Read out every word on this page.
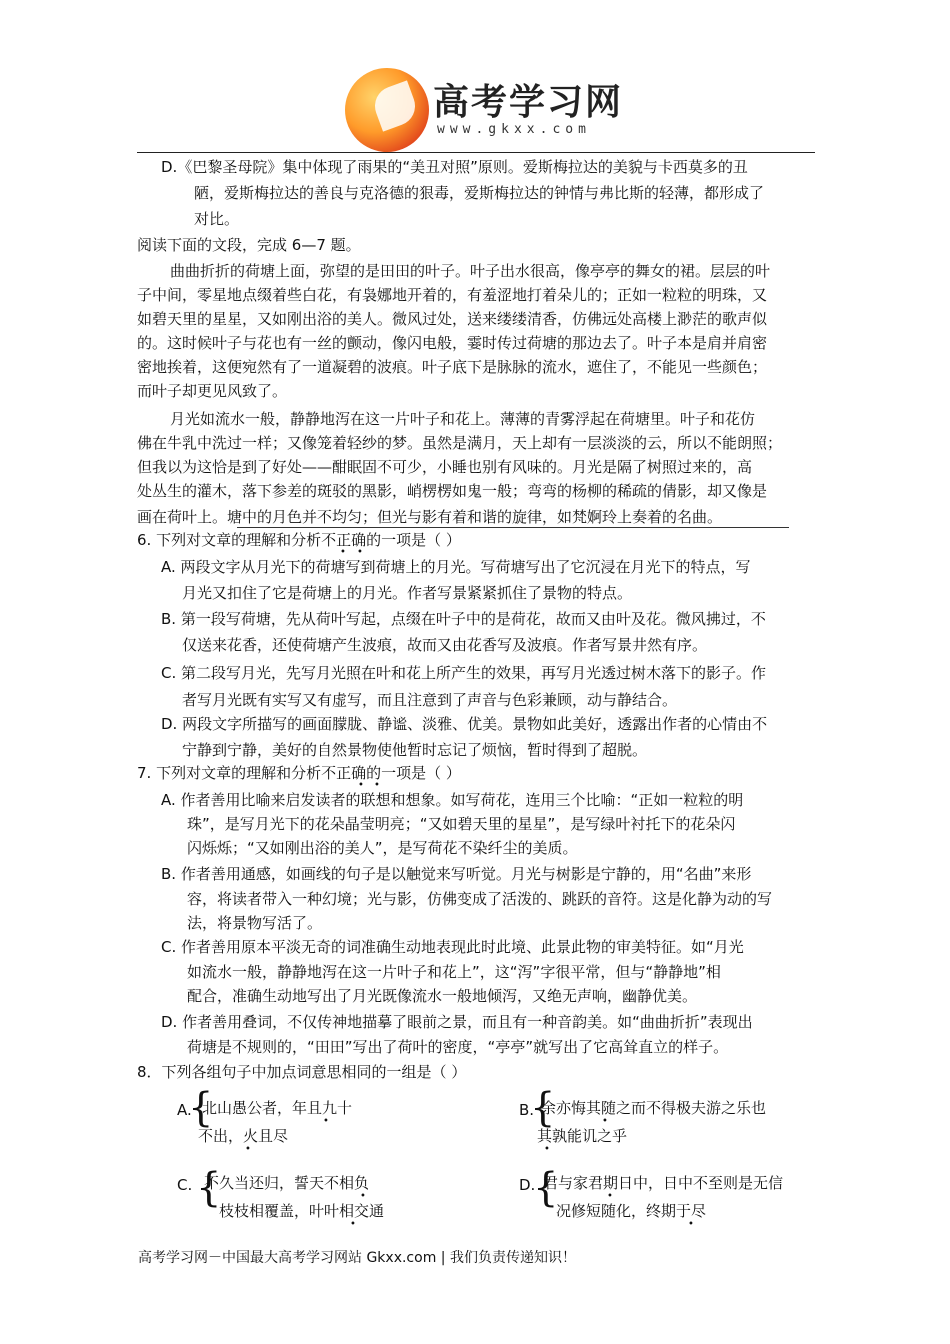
高考学习网
www.gkxx.com
D.《巴黎圣母院》集中体现了雨果的“美丑对照”原则。爱斯梅拉达的美貌与卡西莫多的丑
陋，爱斯梅拉达的善良与克洛德的狠毒，爱斯梅拉达的钟情与弗比斯的轻薄，都形成了
对比。
阅读下面的文段，完成 6—7 题。
曲曲折折的荷塘上面，弥望的是田田的叶子。叶子出水很高，像亭亭的舞女的裙。层层的叶
子中间，零星地点缀着些白花，有袅娜地开着的，有羞涩地打着朵儿的；正如一粒粒的明珠，又
如碧天里的星星，又如刚出浴的美人。微风过处，送来缕缕清香，仿佛远处高楼上渺茫的歌声似
的。这时候叶子与花也有一丝的颤动，像闪电般，霎时传过荷塘的那边去了。叶子本是肩并肩密
密地挨着，这便宛然有了一道凝碧的波痕。叶子底下是脉脉的流水，遮住了，不能见一些颜色；
而叶子却更见风致了。
月光如流水一般，静静地泻在这一片叶子和花上。薄薄的青雾浮起在荷塘里。叶子和花仿
佛在牛乳中洗过一样；又像笼着轻纱的梦。虽然是满月，天上却有一层淡淡的云，所以不能朗照；
但我以为这恰是到了好处——酣眠固不可少，小睡也别有风味的。月光是隔了树照过来的，高
处丛生的灌木，落下参差的斑驳的黑影，峭楞楞如鬼一般；弯弯的杨柳的稀疏的倩影，却又像是
画在荷叶上。塘中的月色并不均匀；但光与影有着和谐的旋律，如梵婀玲上奏着的名曲。
6. 下列对文章的理解和分析不正确的一项是（ ）
• •
A. 两段文字从月光下的荷塘写到荷塘上的月光。写荷塘写出了它沉浸在月光下的特点，写
月光又扣住了它是荷塘上的月光。作者写景紧紧抓住了景物的特点。
B. 第一段写荷塘，先从荷叶写起，点缀在叶子中的是荷花，故而又由叶及花。微风拂过，不
仅送来花香，还使荷塘产生波痕，故而又由花香写及波痕。作者写景井然有序。
C. 第二段写月光，先写月光照在叶和花上所产生的效果，再写月光透过树木落下的影子。作
者写月光既有实写又有虚写，而且注意到了声音与色彩兼顾，动与静结合。
D. 两段文字所描写的画面朦胧、静谧、淡雅、优美。景物如此美好，透露出作者的心情由不
宁静到宁静，美好的自然景物使他暂时忘记了烦恼，暂时得到了超脱。
7. 下列对文章的理解和分析不正确的一项是（ ）
• •
A. 作者善用比喻来启发读者的联想和想象。如写荷花，连用三个比喻：“正如一粒粒的明
珠”，是写月光下的花朵晶莹明亮；“又如碧天里的星星”，是写绿叶衬托下的花朵闪
闪烁烁；“又如刚出浴的美人”，是写荷花不染纤尘的美质。
B. 作者善用通感，如画线的句子是以触觉来写听觉。月光与树影是宁静的，用“名曲”来形
容，将读者带入一种幻境；光与影，仿佛变成了活泼的、跳跃的音符。这是化静为动的写
法，将景物写活了。
C. 作者善用原本平淡无奇的词准确生动地表现此时此境、此景此物的审美特征。如“月光
如流水一般，静静地泻在这一片叶子和花上”，这“泻”字很平常，但与“静静地”相
配合，准确生动地写出了月光既像流水一般地倾泻，又绝无声响，幽静优美。
D. 作者善用叠词，不仅传神地描摹了眼前之景，而且有一种音韵美。如“曲曲折折”表现出
荷塘是不规则的，“田田”写出了荷叶的密度，“亭亭”就写出了它高耸直立的样子。
8．下列各组句子中加点词意思相同的一组是（ ）
A.
{
北山愚公者，年且九十
不出，火且尽
•
•
B.
{
余亦悔其随之而不得极夫游之乐也
其孰能讥之乎
•
•
C. {
不久当还归，誓天不相负
枝枝相覆盖，叶叶相交通
•
•
D.
{
君与家君期日中，日中不至则是无信
况修短随化，终期于尽
•
•
高考学习网－中国最大高考学习网站 Gkxx.com | 我们负责传递知识！
